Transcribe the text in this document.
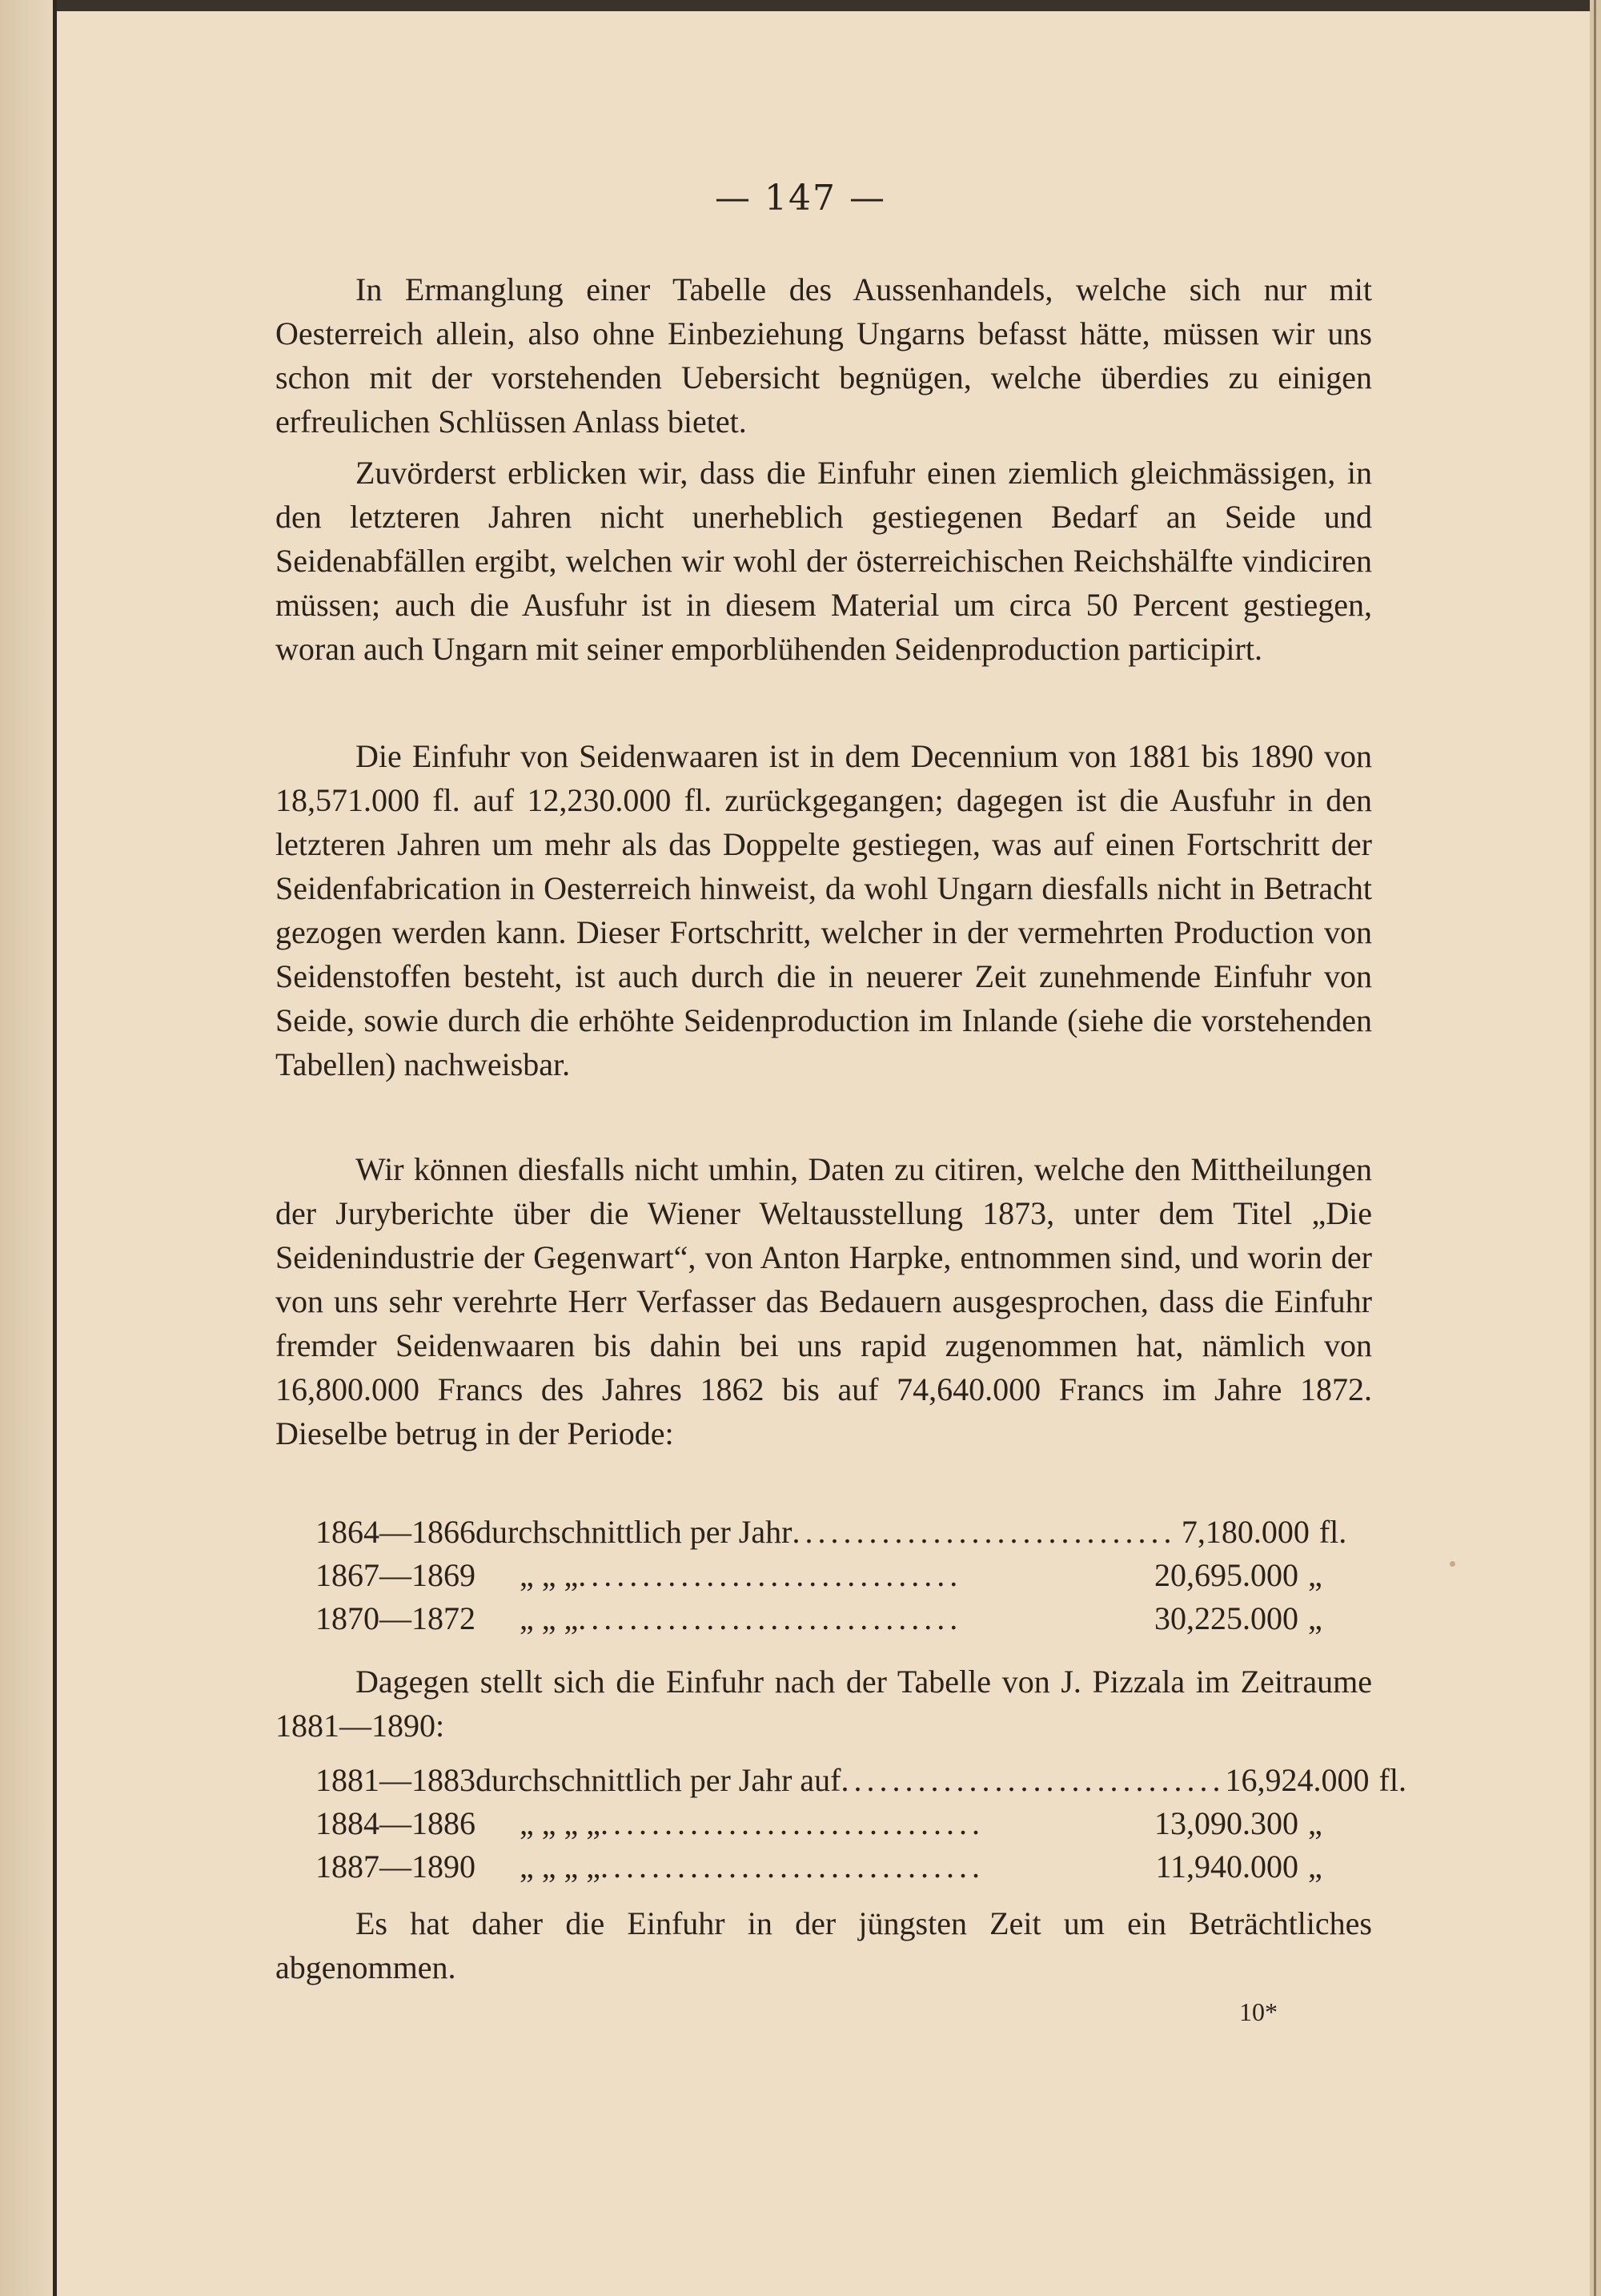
— 147 —

In Ermanglung einer Tabelle des Aussenhandels, welche sich nur mit Oesterreich allein, also ohne Einbeziehung Ungarns befasst hätte, müssen wir uns schon mit der vorstehenden Uebersicht begnügen, welche überdies zu einigen erfreulichen Schlüssen Anlass bietet.

Zuvörderst erblicken wir, dass die Einfuhr einen ziemlich gleichmässigen, in den letzteren Jahren nicht unerheblich gestiegenen Bedarf an Seide und Seidenabfällen ergibt, welchen wir wohl der österreichischen Reichshälfte vindiciren müssen; auch die Ausfuhr ist in diesem Material um circa 50 Percent gestiegen, woran auch Ungarn mit seiner emporblühenden Seidenproduction participirt.

Die Einfuhr von Seidenwaaren ist in dem Decennium von 1881 bis 1890 von 18,571.000 fl. auf 12,230.000 fl. zurückgegangen; dagegen ist die Ausfuhr in den letzteren Jahren um mehr als das Doppelte gestiegen, was auf einen Fortschritt der Seidenfabrication in Oesterreich hinweist, da wohl Ungarn diesfalls nicht in Betracht gezogen werden kann. Dieser Fortschritt, welcher in der vermehrten Production von Seidenstoffen besteht, ist auch durch die in neuerer Zeit zunehmende Einfuhr von Seide, sowie durch die erhöhte Seidenproduction im Inlande (siehe die vorstehenden Tabellen) nachweisbar.

Wir können diesfalls nicht umhin, Daten zu citiren, welche den Mittheilungen der Juryberichte über die Wiener Weltausstellung 1873, unter dem Titel „Die Seidenindustrie der Gegenwart“, von Anton Harpke, entnommen sind, und worin der von uns sehr verehrte Herr Verfasser das Bedauern ausgesprochen, dass die Einfuhr fremder Seidenwaaren bis dahin bei uns rapid zugenommen hat, nämlich von 16,800.000 Francs des Jahres 1862 bis auf 74,640.000 Francs im Jahre 1872. Dieselbe betrug in der Periode:

1864—1866 durchschnittlich per Jahr .............................. 7,180.000 fl.
1867—1869	„ „ „ ..............................	20,695.000 „
1870—1872	„ „ „ ..............................	30,225.000 „

Dagegen stellt sich die Einfuhr nach der Tabelle von J. Pizzala im Zeitraume 1881—1890:

1881—1883 durchschnittlich per Jahr auf .............................. 16,924.000 fl.
1884—1886	„ „ „ „ ..............................	13,090.300 „
1887—1890	„ „ „ „ ..............................	11,940.000 „

Es hat daher die Einfuhr in der jüngsten Zeit um ein Beträchtliches abgenommen.

10*
